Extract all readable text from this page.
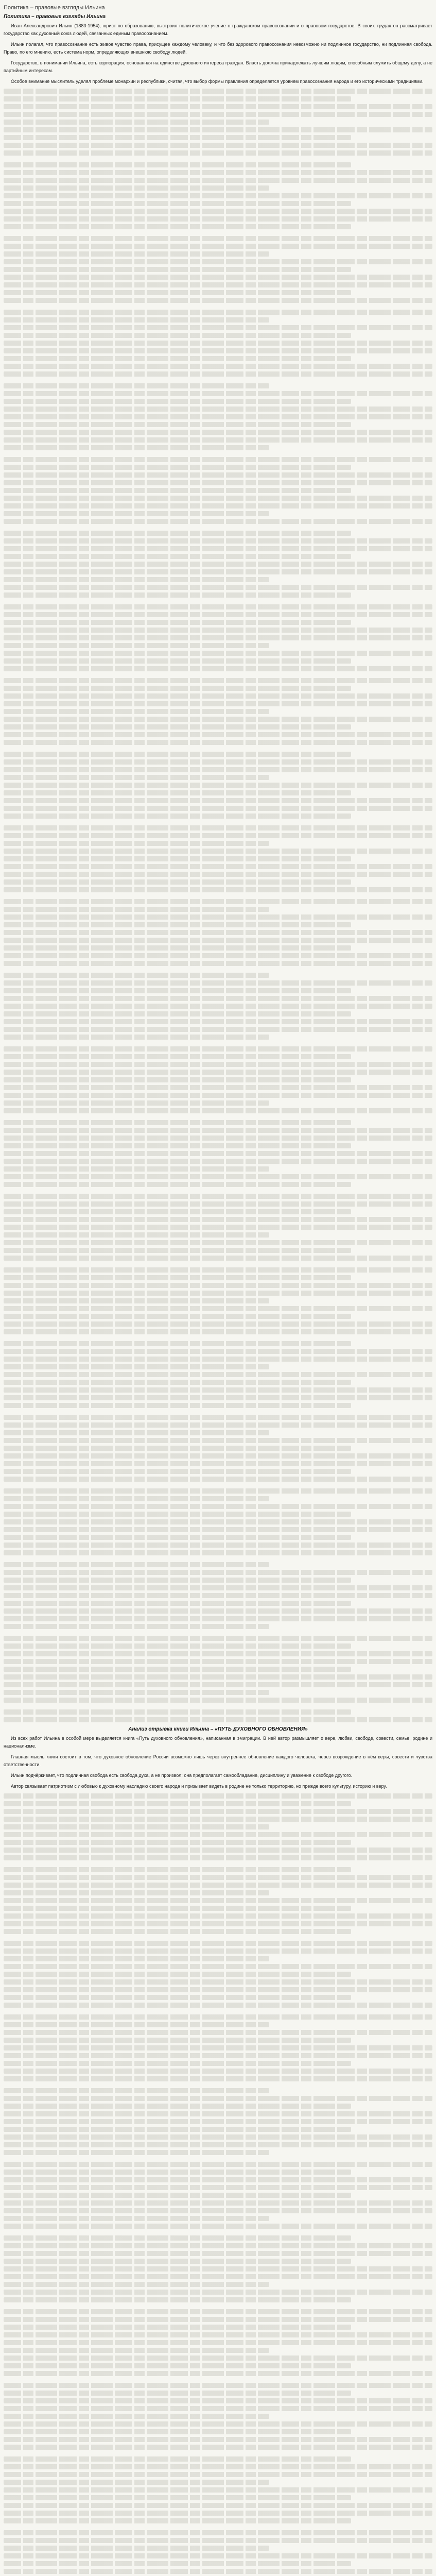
Политика – правовые взгляды Ильина
Политика – правовые взгляды Ильина

Иван Александрович Ильин (1883-1954), юрист по образованию, выстроил политическое учение о гражданском правосознании и о правовом государстве. В своих трудах он рассматривает государство как духовный союз людей, связанных единым правосознанием.

Ильин полагал, что правосознание есть живое чувство права, присущее каждому человеку, и что без здорового правосознания невозможно ни подлинное государство, ни подлинная свобода. Право, по его мнению, есть система норм, определяющих внешнюю свободу людей.

Государство, в понимании Ильина, есть корпорация, основанная на единстве духовного интереса граждан. Власть должна принадлежать лучшим людям, способным служить общему делу, а не партийным интересам.

Особое внимание мыслитель уделял проблеме монархии и республики, считая, что выбор формы правления определяется уровнем правосознания народа и его историческими традициями.

Анализ отрывка книги Ильина – «ПУТЬ ДУХОВНОГО ОБНОВЛЕНИЯ»

Из всех работ Ильина в особой мере выделяется книга «Путь духовного обновления», написанная в эмиграции. В ней автор размышляет о вере, любви, свободе, совести, семье, родине и национализме.

Главная мысль книги состоит в том, что духовное обновление России возможно лишь через внутреннее обновление каждого человека, через возрождение в нём веры, совести и чувства ответственности.

Ильин подчёркивает, что подлинная свобода есть свобода духа, а не произвол; она предполагает самообладание, дисциплину и уважение к свободе другого.

Автор связывает патриотизм с любовью к духовному наследию своего народа и призывает видеть в родине не только территорию, но прежде всего культуру, историю и веру.
